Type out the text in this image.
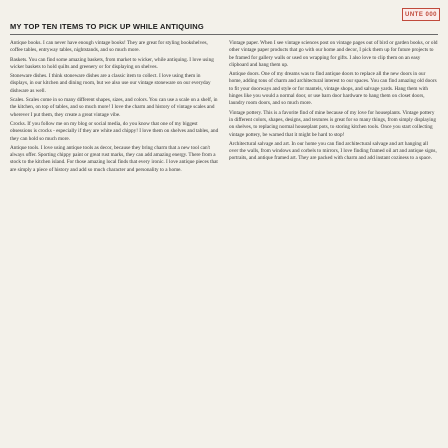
UNTE 000
MY TOP TEN ITEMS TO PICK UP WHILE ANTIQUING

Antique books. I can never have enough vintage books! They are great for styling bookshelves, coffee tables, entryway tables, nightstands, and so much more.

Baskets. You can find some amazing baskets, from market to wicker, while antiquing. I love using wicker baskets to hold quilts and greenery or for displaying on shelves.

Stoneware dishes. I think stoneware dishes are a classic item to collect. I love using them in displays, in our kitchen and dining room, but we also use our vintage stoneware on our everyday dishware as well.

Scales. Scales come in so many different shapes, sizes, and colors. You can use a scale on a shelf, in the kitchen, on top of tables, and so much more! I love the charm and history of vintage scales and wherever I put them, they create a great vintage vibe.

Crocks. If you follow me on my blog or social media, do you know that one of my biggest obsessions is crocks - especially if they are white and chippy! I love them on shelves and tables, and they can hold so much more.

Antique tools. I love using antique tools as decor, because they bring charm that a new tool can't always offer. Sporting chippy paint or great rust marks, they can add amazing energy. There from a stock to the kitchen island. For those amazing local finds that every ironic. I love antique pieces that are simply a piece of history and add so much character and personality to a home.

Vintage paper. When I see vintage sciences post on vintage pages out of bird or garden books, or old other vintage paper products that go with our home and decor, I pick them up for future projects to be framed for gallery walls or used on wrapping for gifts. I also love to clip them on an easy clipboard and hang them up.

Antique doors. One of my dreams was to find antique doors to replace all the new doors in our home, adding tons of charm and architectural interest to our spaces. You can find amazing old doors to fit your doorways and style or for mantels, vintage shops, and salvage yards. Hang them with hinges like you would a normal door, or use barn door hardware to hang them on closet doors, laundry room doors, and so much more.

Vintage pottery. This is a favorite find of mine because of my love for houseplants. Vintage pottery in different colors, shapes, designs, and textures is great for so many things, from simply displaying on shelves, to replacing normal houseplant pots, to storing kitchen tools. Once you start collecting vintage pottery, be warned that it might be hard to stop!

Architectural salvage and art. In our home you can find architectural salvage and art hanging all over the walls, from windows and corbels to mirrors, I love finding framed oil art and antique signs, portraits, and antique framed art. They are packed with charm and add instant coziness to a space.
